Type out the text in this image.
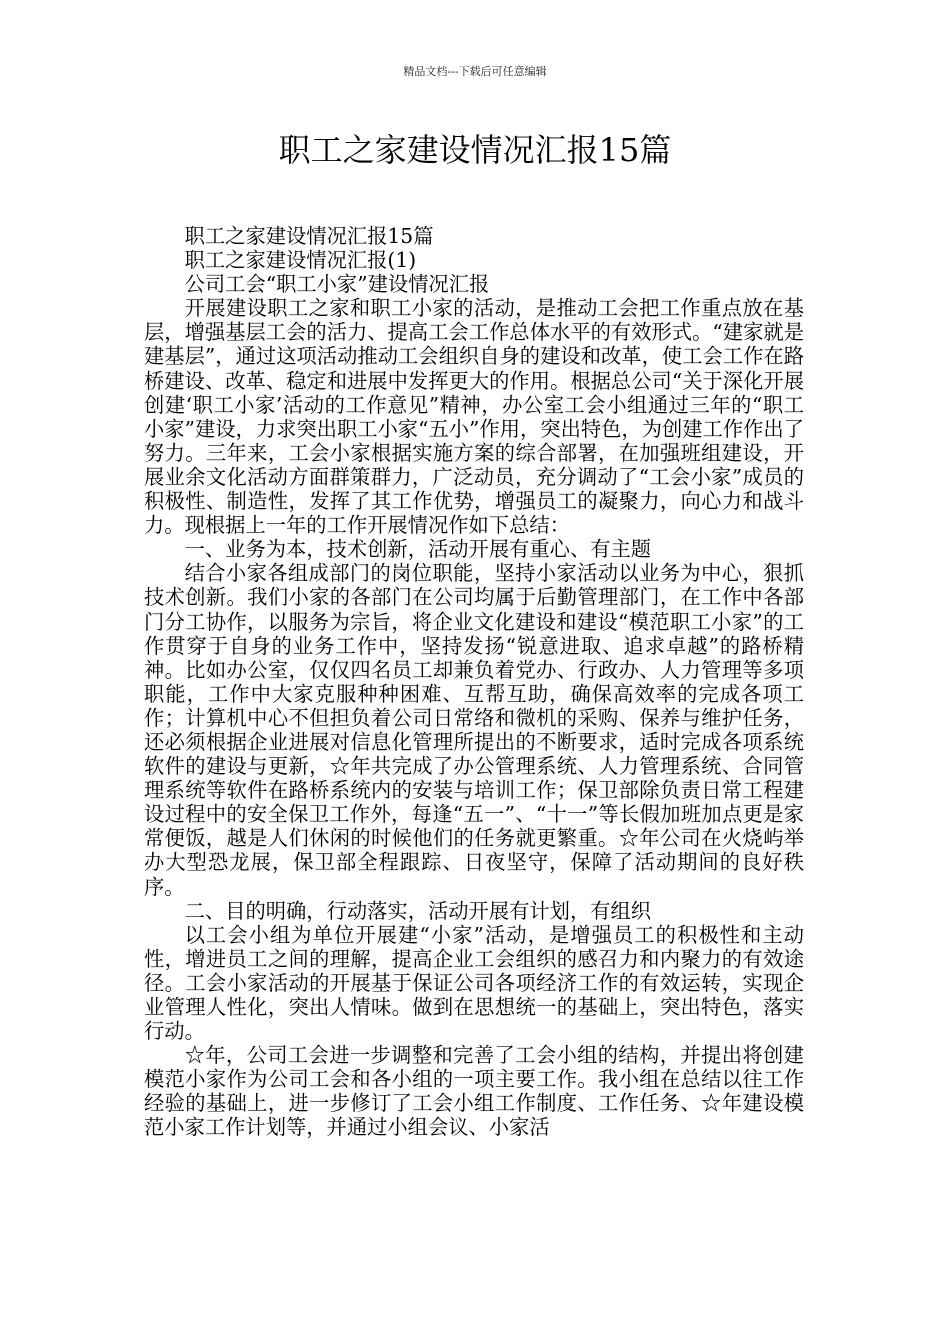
精品文档---下载后可任意编辑
职工之家建设情况汇报15篇

职工之家建设情况汇报15篇

职工之家建设情况汇报(1)

公司工会“职工小家”建设情况汇报

开展建设职工之家和职工小家的活动，是推动工会把工作重点放在基层，增强基层工会的活力、提高工会工作总体水平的有效形式。“建家就是建基层”，通过这项活动推动工会组织自身的建设和改革，使工会工作在路桥建设、改革、稳定和进展中发挥更大的作用。根据总公司“关于深化开展创建‘职工小家’活动的工作意见”精神，办公室工会小组通过三年的“职工小家”建设，力求突出职工小家“五小”作用，突出特色，为创建工作作出了努力。三年来，工会小家根据实施方案的综合部署，在加强班组建设，开展业余文化活动方面群策群力，广泛动员，充分调动了“工会小家”成员的积极性、制造性，发挥了其工作优势，增强员工的凝聚力，向心力和战斗力。现根据上一年的工作开展情况作如下总结：

一、业务为本，技术创新，活动开展有重心、有主题

结合小家各组成部门的岗位职能，坚持小家活动以业务为中心，狠抓技术创新。我们小家的各部门在公司均属于后勤管理部门，在工作中各部门分工协作，以服务为宗旨，将企业文化建设和建设“模范职工小家”的工作贯穿于自身的业务工作中，坚持发扬“锐意进取、追求卓越”的路桥精神。比如办公室，仅仅四名员工却兼负着党办、行政办、人力管理等多项职能，工作中大家克服种种困难、互帮互助，确保高效率的完成各项工作；计算机中心不但担负着公司日常络和微机的采购、保养与维护任务，还必须根据企业进展对信息化管理所提出的不断要求，适时完成各项系统软件的建设与更新，☆年共完成了办公管理系统、人力管理系统、合同管理系统等软件在路桥系统内的安装与培训工作；保卫部除负责日常工程建设过程中的安全保卫工作外，每逢“五一”、“十一”等长假加班加点更是家常便饭，越是人们休闲的时候他们的任务就更繁重。☆年公司在火烧屿举办大型恐龙展，保卫部全程跟踪、日夜坚守，保障了活动期间的良好秩序。

二、目的明确，行动落实，活动开展有计划，有组织

以工会小组为单位开展建“小家”活动，是增强员工的积极性和主动性，增进员工之间的理解，提高企业工会组织的感召力和内聚力的有效途径。工会小家活动的开展基于保证公司各项经济工作的有效运转，实现企业管理人性化，突出人情味。做到在思想统一的基础上，突出特色，落实行动。

☆年，公司工会进一步调整和完善了工会小组的结构，并提出将创建模范小家作为公司工会和各小组的一项主要工作。我小组在总结以往工作经验的基础上，进一步修订了工会小组工作制度、工作任务、☆年建设模范小家工作计划等，并通过小组会议、小家活
